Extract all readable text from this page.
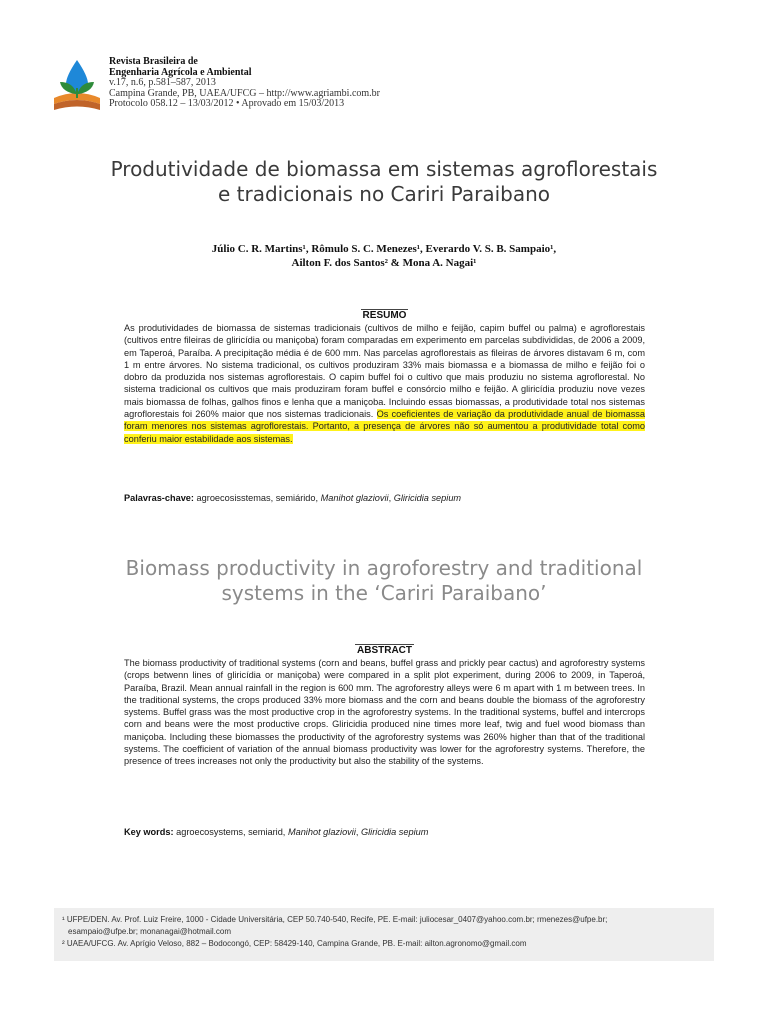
Revista Brasileira de
Engenharia Agrícola e Ambiental
v.17, n.6, p.581–587, 2013
Campina Grande, PB, UAEA/UFCG – http://www.agriambi.com.br
Protocolo 058.12 – 13/03/2012 • Aprovado em 15/03/2013
Produtividade de biomassa em sistemas agroflorestais
e tradicionais no Cariri Paraibano
Júlio C. R. Martins¹, Rômulo S. C. Menezes¹, Everardo V. S. B. Sampaio¹,
Ailton F. dos Santos² & Mona A. Nagai¹
RESUMO
As produtividades de biomassa de sistemas tradicionais (cultivos de milho e feijão, capim buffel ou palma) e agroflorestais (cultivos entre fileiras de gliricídia ou maniçoba) foram comparadas em experimento em parcelas subdivididas, de 2006 a 2009, em Taperoá, Paraíba. A precipitação média é de 600 mm. Nas parcelas agroflorestais as fileiras de árvores distavam 6 m, com 1 m entre árvores. No sistema tradicional, os cultivos produziram 33% mais biomassa e a biomassa de milho e feijão foi o dobro da produzida nos sistemas agroflorestais. O capim buffel foi o cultivo que mais produziu no sistema agroflorestal. No sistema tradicional os cultivos que mais produziram foram buffel e consórcio milho e feijão. A gliricídia produziu nove vezes mais biomassa de folhas, galhos finos e lenha que a maniçoba. Incluindo essas biomassas, a produtividade total nos sistemas agroflorestais foi 260% maior que nos sistemas tradicionais. Os coeficientes de variação da produtividade anual de biomassa foram menores nos sistemas agroflorestais. Portanto, a presença de árvores não só aumentou a produtividade total como conferiu maior estabilidade aos sistemas.
Palavras-chave: agroecosisstemas, semiárido, Manihot glaziovii, Gliricidia sepium
Biomass productivity in agroforestry and traditional
systems in the ‘Cariri Paraibano’
ABSTRACT
The biomass productivity of traditional systems (corn and beans, buffel grass and prickly pear cactus) and agroforestry systems (crops betwenn lines of gliricídia or maniçoba) were compared in a split plot experiment, during 2006 to 2009, in Taperoá, Paraíba, Brazil. Mean annual rainfall in the region is 600 mm. The agroforestry alleys were 6 m apart with 1 m between trees. In the traditional systems, the crops produced 33% more biomass and the corn and beans double the biomass of the agroforestry systems. Buffel grass was the most productive crop in the agroforestry systems. In the traditional systems, buffel and intercrops corn and beans were the most productive crops. Gliricidia produced nine times more leaf, twig and fuel wood biomass than maniçoba. Including these biomasses the productivity of the agroforestry systems was 260% higher than that of the traditional systems. The coefficient of variation of the annual biomass productivity was lower for the agroforestry systems. Therefore, the presence of trees increases not only the productivity but also the stability of the systems.
Key words: agroecosystems, semiarid, Manihot glaziovii, Gliricidia sepium
¹ UFPE/DEN. Av. Prof. Luiz Freire, 1000 - Cidade Universitária, CEP 50.740-540, Recife, PE. E-mail: juliocesar_0407@yahoo.com.br; rmenezes@ufpe.br;
esampaio@ufpe.br; monanagai@hotmail.com
² UAEA/UFCG. Av. Aprígio Veloso, 882 – Bodocongó, CEP: 58429-140, Campina Grande, PB. E-mail: ailton.agronomo@gmail.com
